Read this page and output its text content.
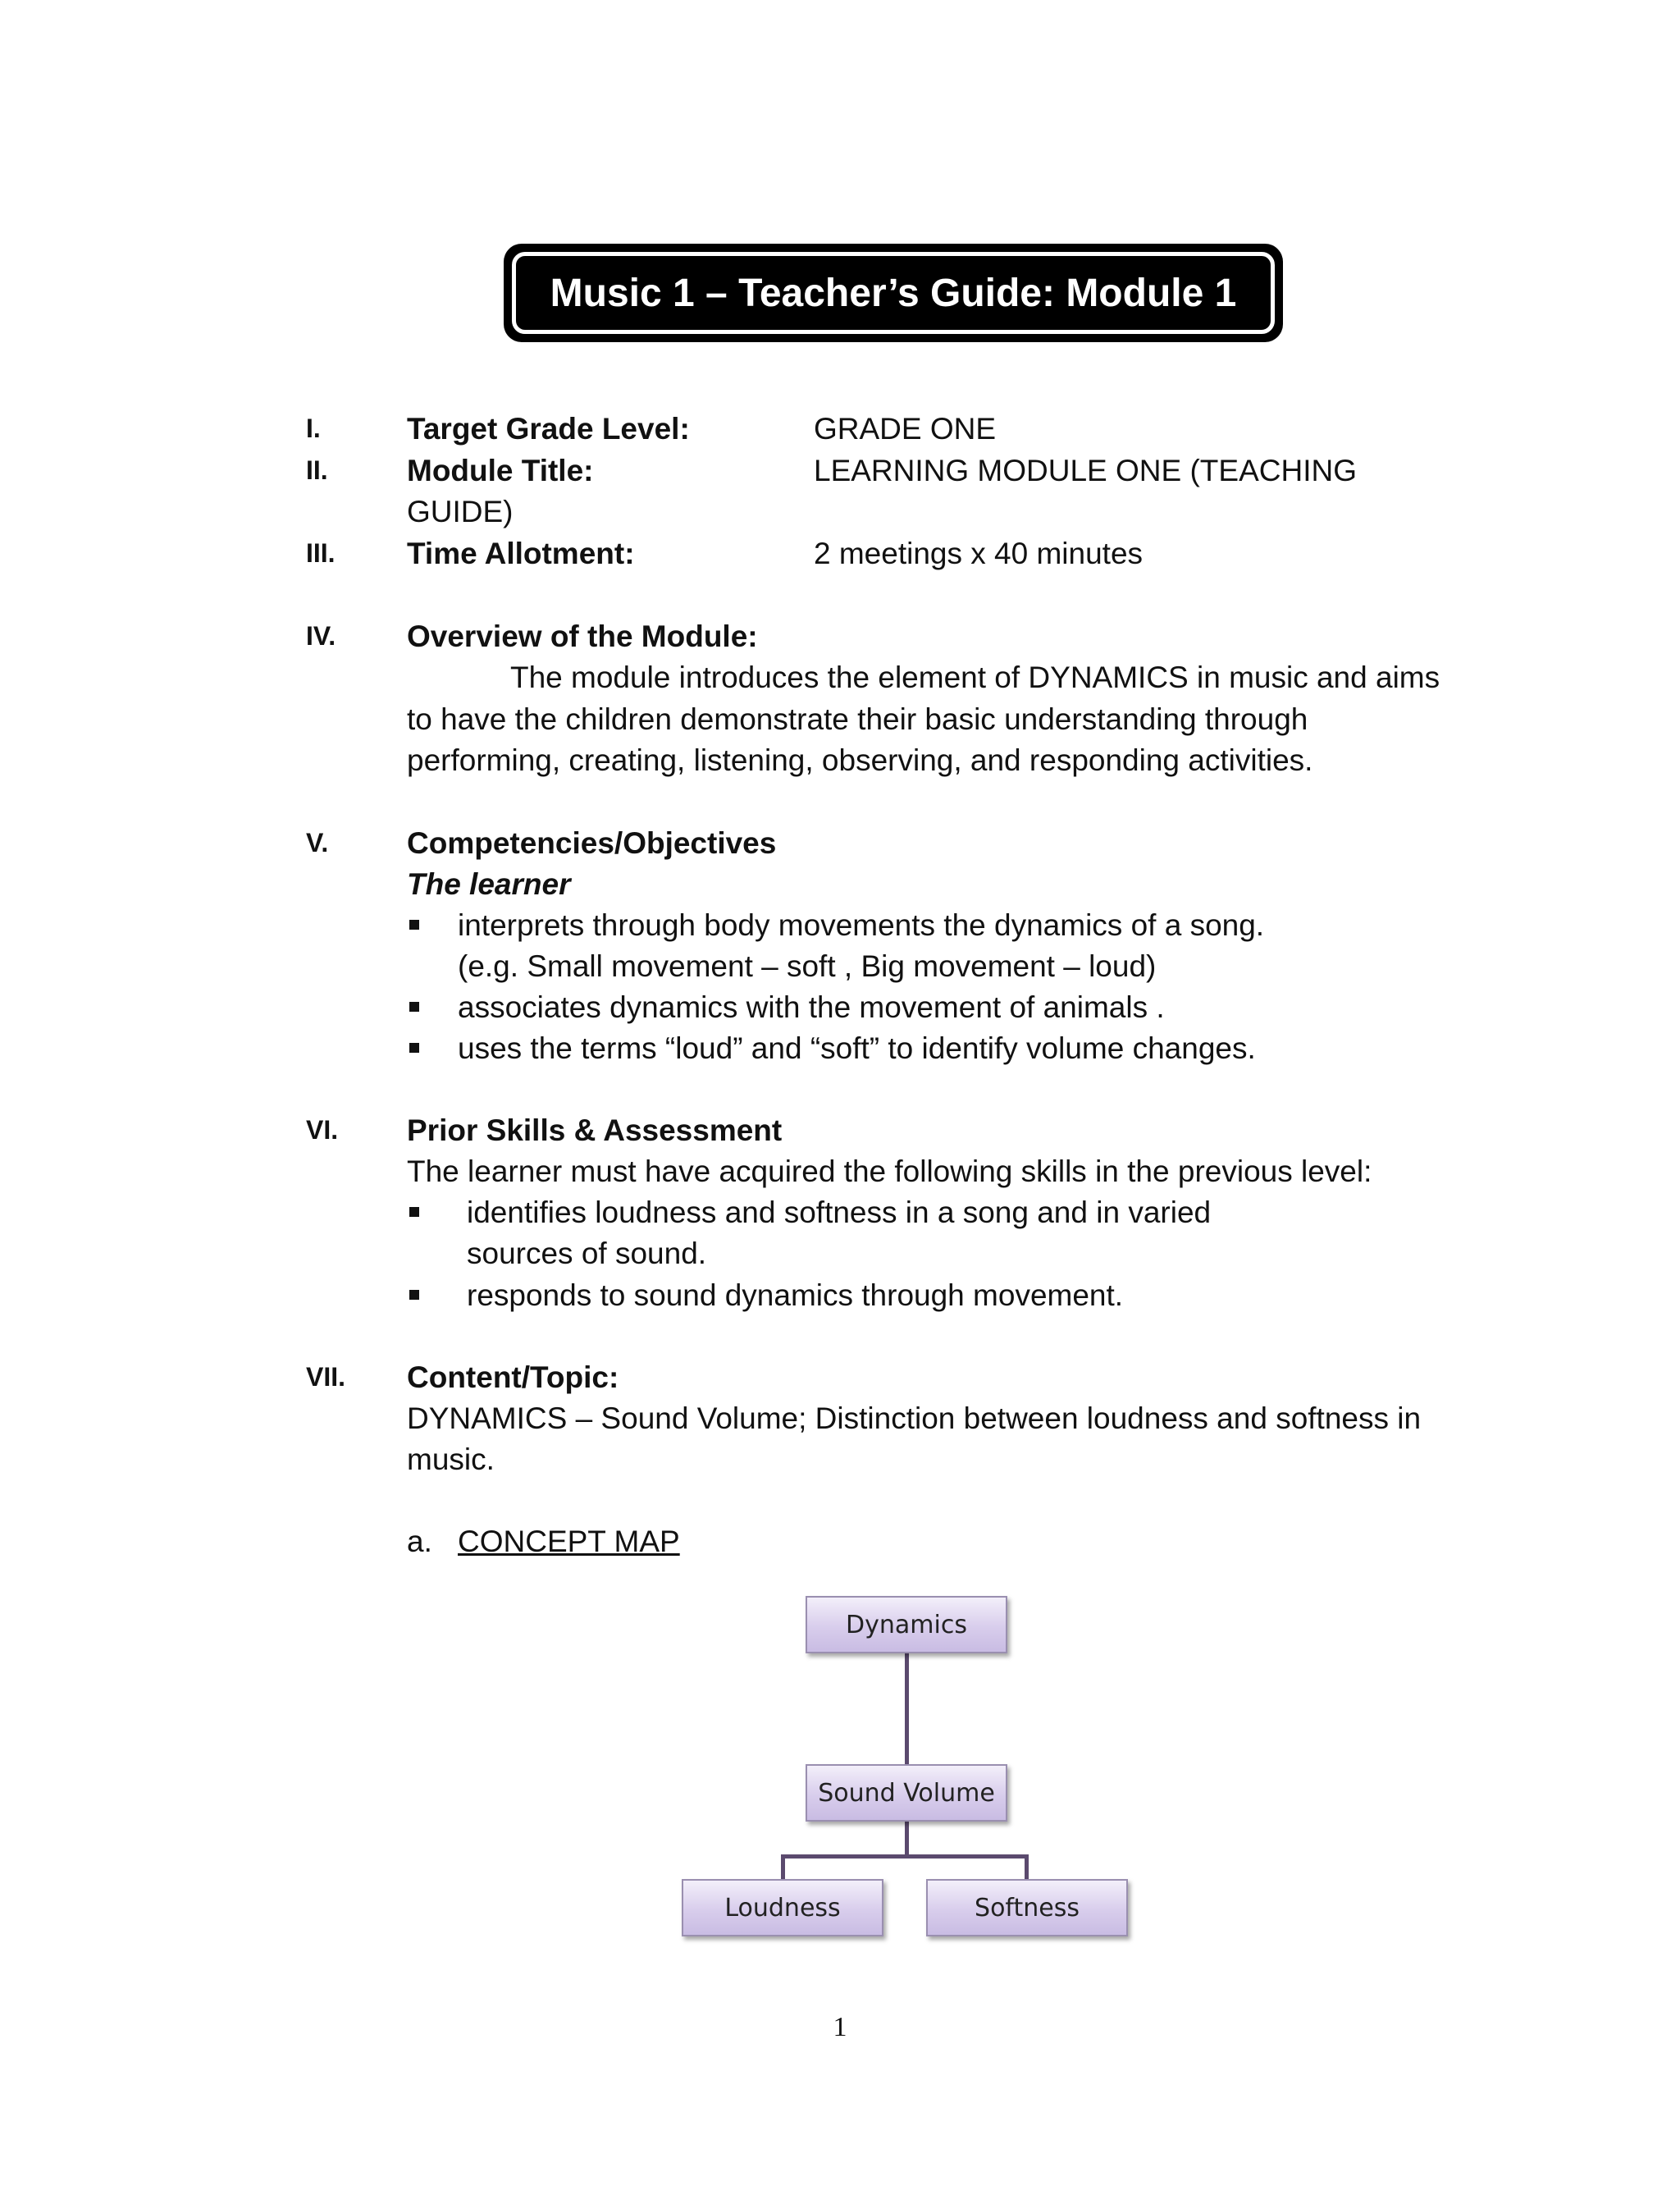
Music 1 – Teacher’s Guide: Module 1
I.	Target Grade Level:	GRADE ONE
II.	Module Title:	LEARNING MODULE ONE (TEACHING
GUIDE)
III. Time Allotment:	2 meetings x 40 minutes
IV. Overview of the Module:
The module introduces the element of DYNAMICS in music and aims
to have the children demonstrate their basic understanding through
performing, creating, listening, observing, and responding activities.
V.	Competencies/Objectives
The learner
interprets through body movements the dynamics of a song.
(e.g. Small movement – soft , Big movement – loud)
associates dynamics with the movement of animals .
uses the terms “loud” and “soft” to identify volume changes.
VI. Prior Skills & Assessment
The learner must have acquired the following skills in the previous level:
identifies loudness and softness in a song and in varied
sources of sound.
responds to sound dynamics through movement.
VII. Content/Topic:
DYNAMICS – Sound Volume; Distinction between loudness and softness in
music.
a. CONCEPT MAP
Dynamics
Sound Volume
Loudness	Softness
1
